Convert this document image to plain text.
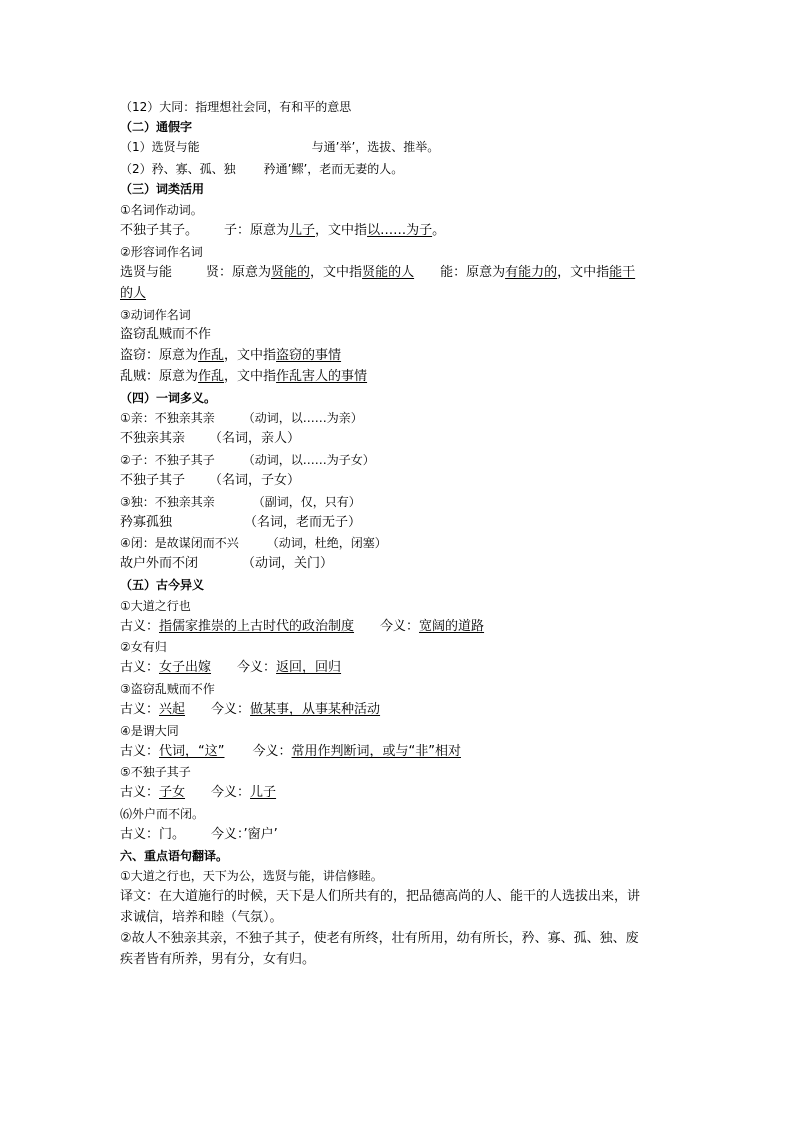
（12）大同：指理想社会同，有和平的意思
（二）通假字
（1）选贤与能	与通’举’，选拔、推举。
（2）矜、寡、孤、独 矜通’鳏’，老而无妻的人。
（三）词类活用
①名词作动词。
不独子其子。 子：原意为儿子，文中指以……为子。
②形容词作名词
选贤与能	贤：原意为贤能的，文中指贤能的人 能：原意为有能力的，文中指能干
的人
③动词作名词
盗窃乱贼而不作
盗窃：原意为作乱，文中指盗窃的事情
乱贼：原意为作乱，文中指作乱害人的事情
（四）一词多义。
①亲：不独亲其亲 （动词，以……为亲）
不独亲其亲 （名词，亲人）
②子：不独子其子 （动词，以……为子女）
不独子其子 （名词，子女）
③独：不独亲其亲	（副词，仅，只有）
矜寡孤独	（名词，老而无子）
④闭：是故谋闭而不兴 （动词，杜绝，闭塞）
故户外而不闭	（动词，关门）
（五）古今异义
①大道之行也
古义：指儒家推崇的上古时代的政治制度 今义：宽阔的道路
②女有归
古义：女子出嫁 今义：返回，回归
③盗窃乱贼而不作
古义：兴起 今义：做某事，从事某种活动
④是谓大同
古义：代词，“这” 今义：常用作判断词，或与“非”相对
⑤不独子其子
古义：子女 今义：儿子
⑹外户而不闭。
古义：门。 今义：’窗户’
六、重点语句翻译。
①大道之行也，天下为公，选贤与能，讲信修睦。
译文：在大道施行的时候，天下是人们所共有的，把品德高尚的人、能干的人选拔出来，讲
求诚信，培养和睦（气氛）。
②故人不独亲其亲，不独子其子，使老有所终，壮有所用，幼有所长，矜、寡、孤、独、废
疾者皆有所养，男有分，女有归。
